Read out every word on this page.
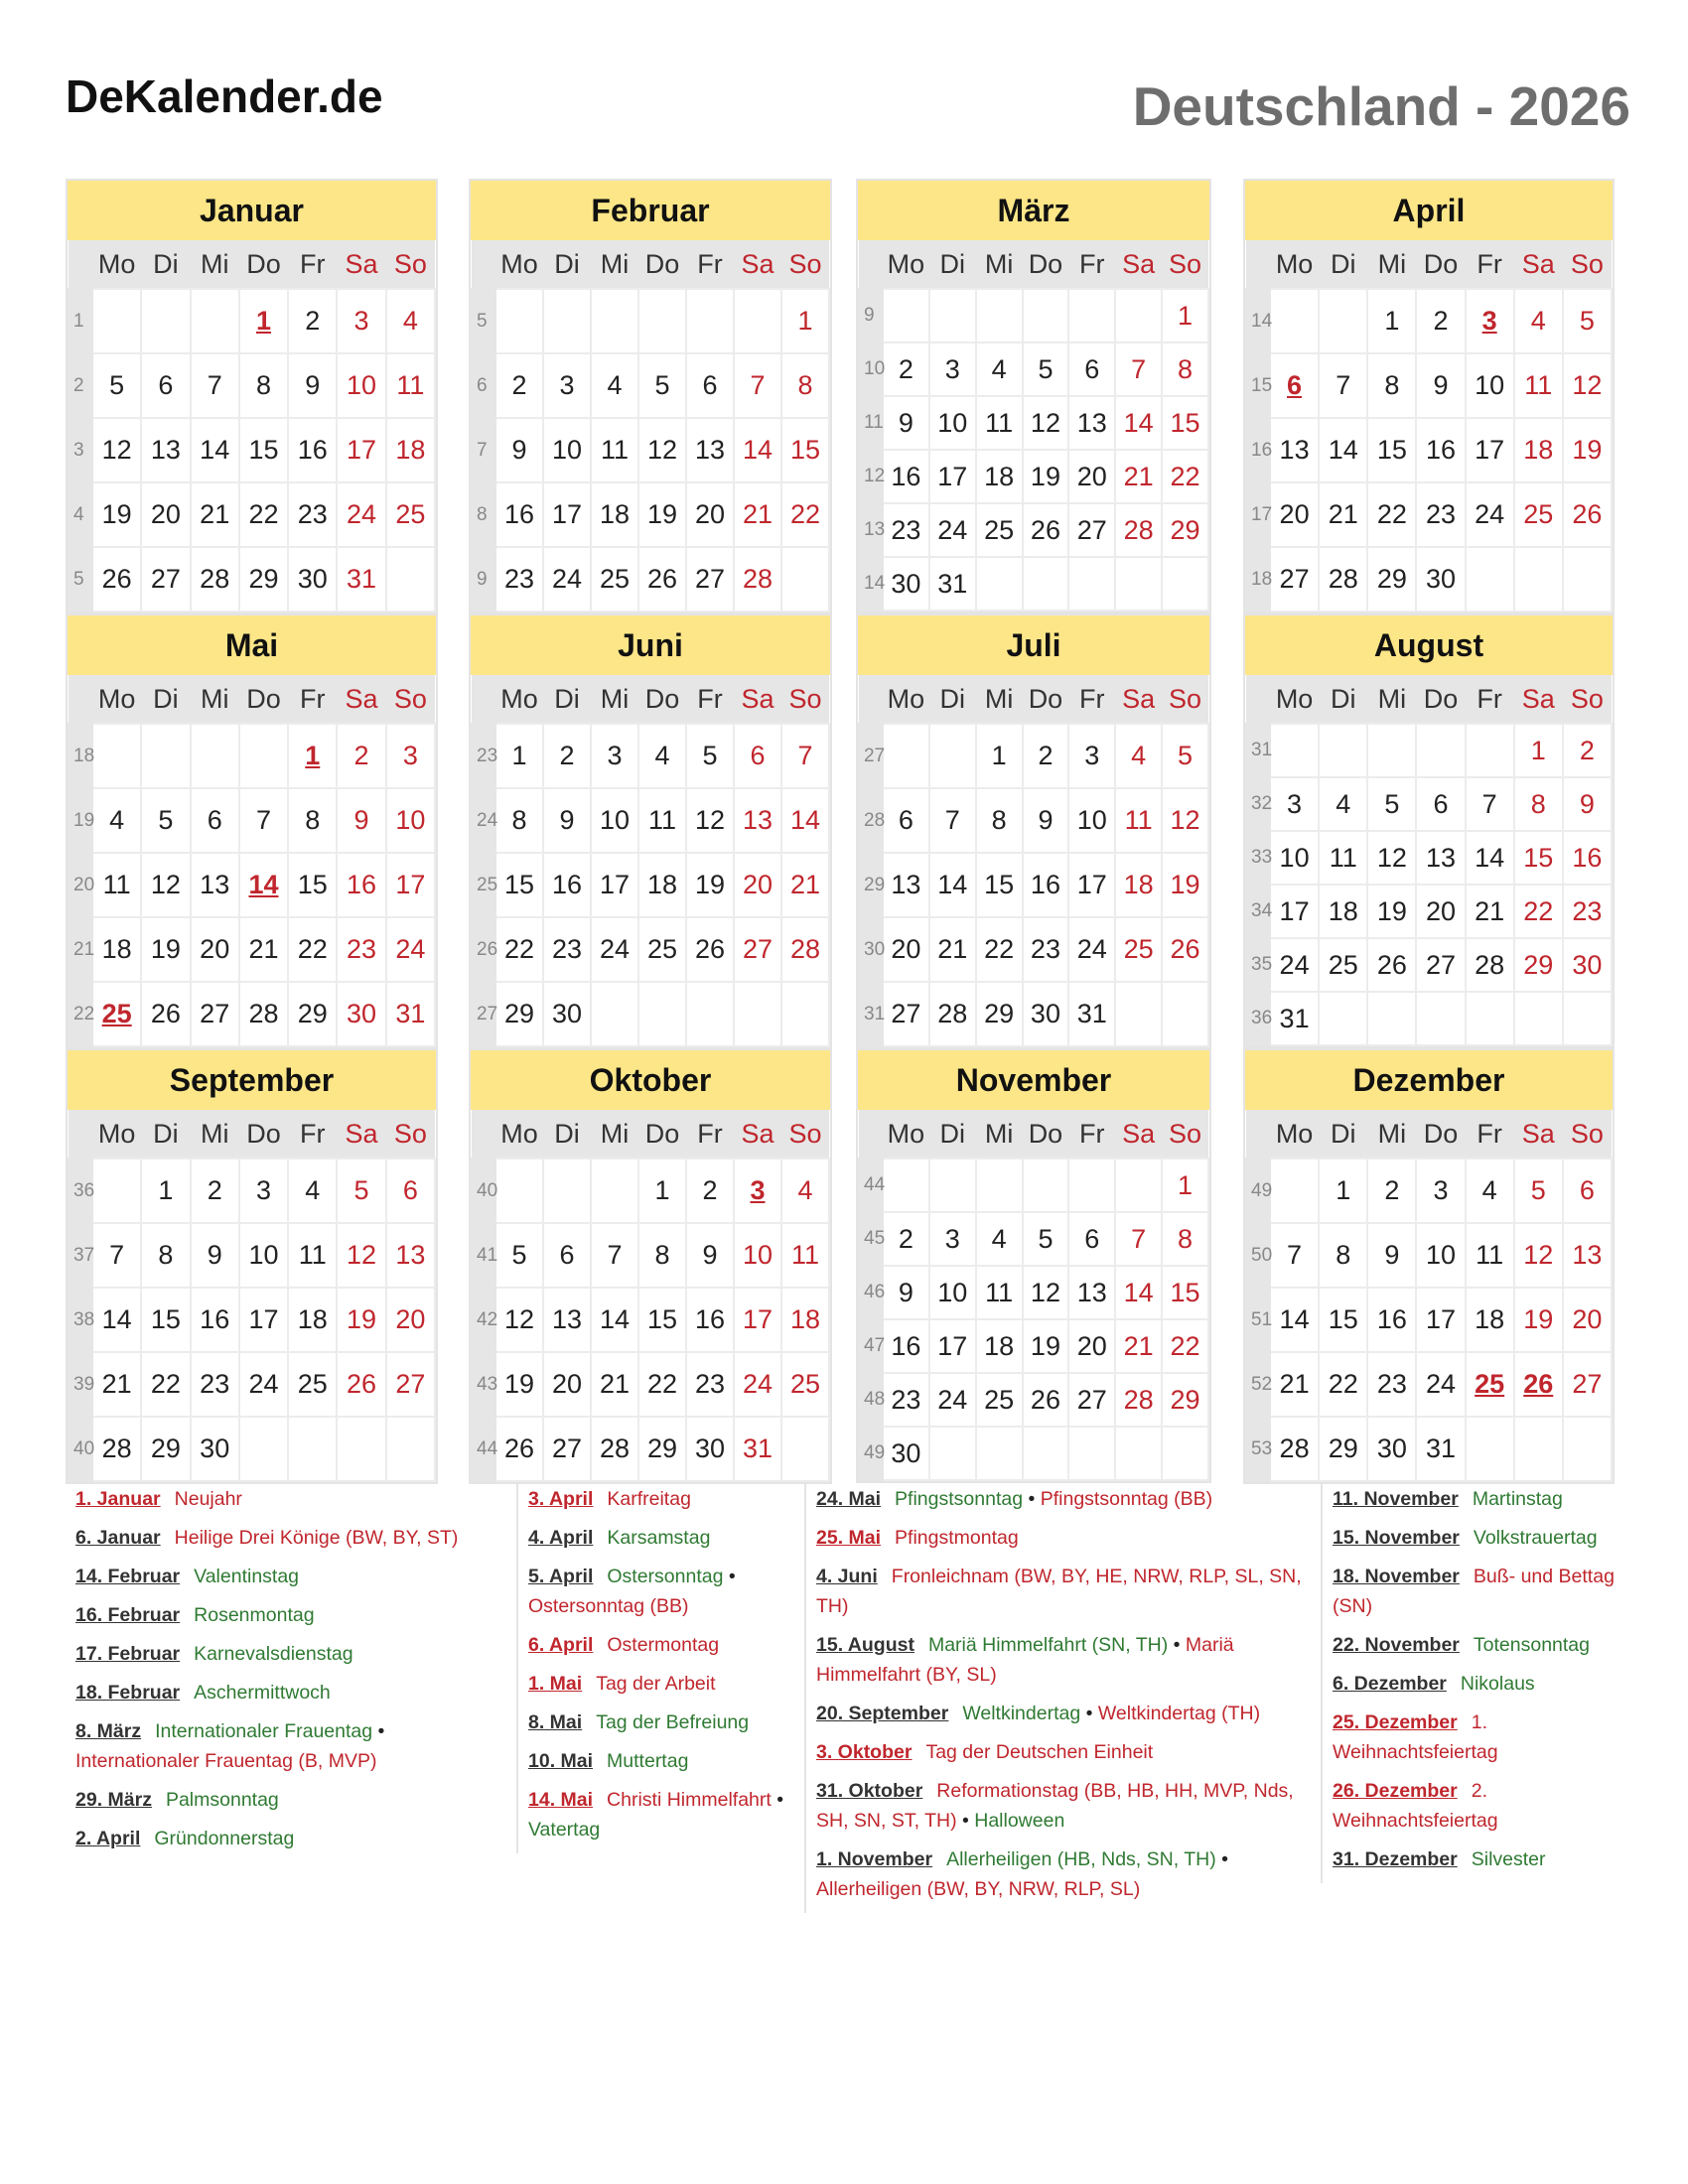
DeKalender.de	Deutschland - 2026
Januar
	Mo	Di	Mi	Do	Fr	Sa	So
1				1	2	3	4
2	5	6	7	8	9	10	11
3	12	13	14	15	16	17	18
4	19	20	21	22	23	24	25
5	26	27	28	29	30	31	
Februar
	Mo	Di	Mi	Do	Fr	Sa	So
5							1
6	2	3	4	5	6	7	8
7	9	10	11	12	13	14	15
8	16	17	18	19	20	21	22
9	23	24	25	26	27	28	
März
	Mo	Di	Mi	Do	Fr	Sa	So
9							1
10	2	3	4	5	6	7	8
11	9	10	11	12	13	14	15
12	16	17	18	19	20	21	22
13	23	24	25	26	27	28	29
14	30	31					
April
	Mo	Di	Mi	Do	Fr	Sa	So
14			1	2	3	4	5
15	6	7	8	9	10	11	12
16	13	14	15	16	17	18	19
17	20	21	22	23	24	25	26
18	27	28	29	30			
Mai
	Mo	Di	Mi	Do	Fr	Sa	So
18					1	2	3
19	4	5	6	7	8	9	10
20	11	12	13	14	15	16	17
21	18	19	20	21	22	23	24
22	25	26	27	28	29	30	31
Juni
	Mo	Di	Mi	Do	Fr	Sa	So
23	1	2	3	4	5	6	7
24	8	9	10	11	12	13	14
25	15	16	17	18	19	20	21
26	22	23	24	25	26	27	28
27	29	30					
Juli
	Mo	Di	Mi	Do	Fr	Sa	So
27			1	2	3	4	5
28	6	7	8	9	10	11	12
29	13	14	15	16	17	18	19
30	20	21	22	23	24	25	26
31	27	28	29	30	31		
August
	Mo	Di	Mi	Do	Fr	Sa	So
31						1	2
32	3	4	5	6	7	8	9
33	10	11	12	13	14	15	16
34	17	18	19	20	21	22	23
35	24	25	26	27	28	29	30
36	31						
September
	Mo	Di	Mi	Do	Fr	Sa	So
36		1	2	3	4	5	6
37	7	8	9	10	11	12	13
38	14	15	16	17	18	19	20
39	21	22	23	24	25	26	27
40	28	29	30				
Oktober
	Mo	Di	Mi	Do	Fr	Sa	So
40				1	2	3	4
41	5	6	7	8	9	10	11
42	12	13	14	15	16	17	18
43	19	20	21	22	23	24	25
44	26	27	28	29	30	31	
November
	Mo	Di	Mi	Do	Fr	Sa	So
44							1
45	2	3	4	5	6	7	8
46	9	10	11	12	13	14	15
47	16	17	18	19	20	21	22
48	23	24	25	26	27	28	29
49	30						
Dezember
	Mo	Di	Mi	Do	Fr	Sa	So
49		1	2	3	4	5	6
50	7	8	9	10	11	12	13
51	14	15	16	17	18	19	20
52	21	22	23	24	25	26	27
53	28	29	30	31			
1. Januar Neujahr
6. Januar Heilige Drei Könige (BW, BY, ST)
14. Februar Valentinstag
16. Februar Rosenmontag
17. Februar Karnevalsdienstag
18. Februar Aschermittwoch
8. März Internationaler Frauentag • Internationaler Frauentag (B, MVP)
29. März Palmsonntag
2. April Gründonnerstag
3. April Karfreitag
4. April Karsamstag
5. April Ostersonntag • Ostersonntag (BB)
6. April Ostermontag
1. Mai Tag der Arbeit
8. Mai Tag der Befreiung
10. Mai Muttertag
14. Mai Christi Himmelfahrt • Vatertag
24. Mai Pfingstsonntag • Pfingstsonntag (BB)
25. Mai Pfingstmontag
4. Juni Fronleichnam (BW, BY, HE, NRW, RLP, SL, SN, TH)
15. August Mariä Himmelfahrt (SN, TH) • Mariä Himmelfahrt (BY, SL)
20. September Weltkindertag • Weltkindertag (TH)
3. Oktober Tag der Deutschen Einheit
31. Oktober Reformationstag (BB, HB, HH, MVP, Nds, SH, SN, ST, TH) • Halloween
1. November Allerheiligen (HB, Nds, SN, TH) • Allerheiligen (BW, BY, NRW, RLP, SL)
11. November Martinstag
15. November Volkstrauertag
18. November Buß- und Bettag (SN)
22. November Totensonntag
6. Dezember Nikolaus
25. Dezember 1. Weihnachtsfeiertag
26. Dezember 2. Weihnachtsfeiertag
31. Dezember Silvester
